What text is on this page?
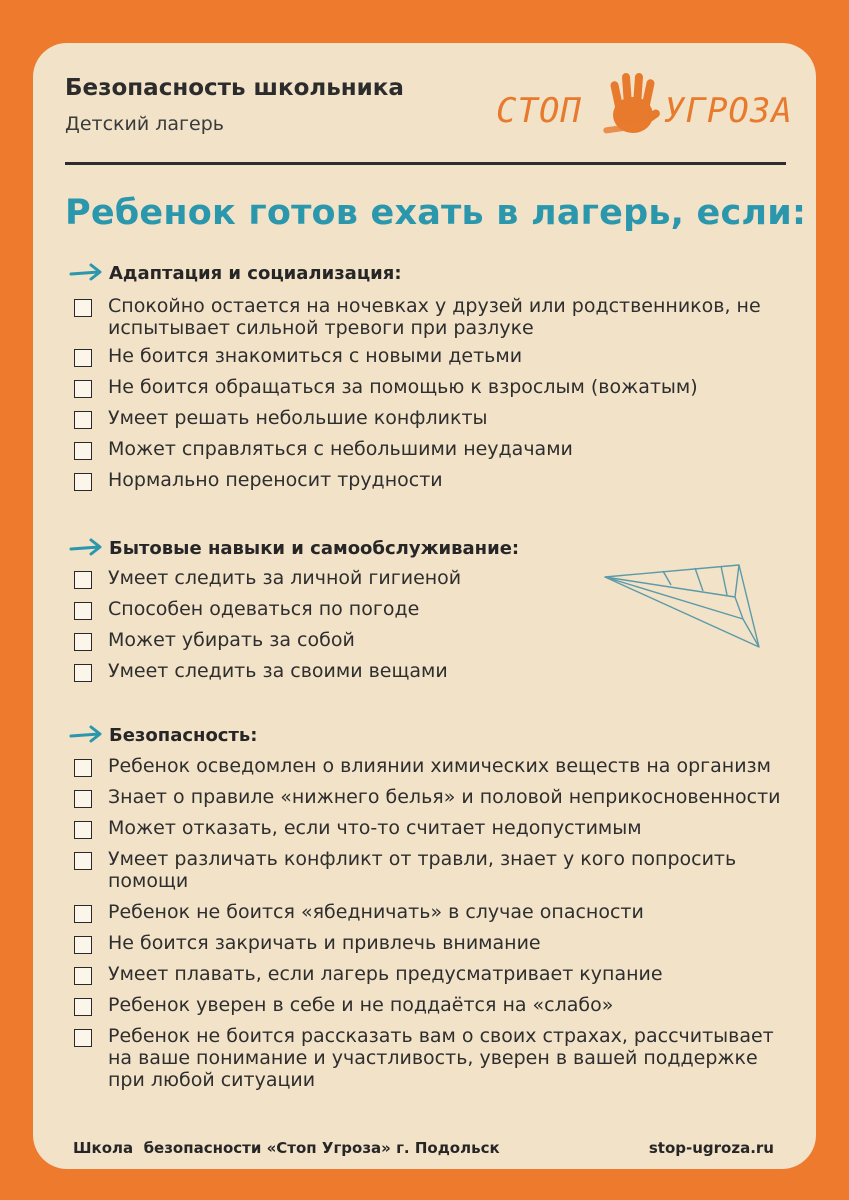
Безопасность школьника
Детский лагерь	СТОП УГРОЗА
Ребенок готов ехать в лагерь, если:
Адаптация и социализация:
Спокойно остается на ночевках у друзей или родственников, не испытывает сильной тревоги при разлуке
Не боится знакомиться с новыми детьми
Не боится обращаться за помощью к взрослым (вожатым)
Умеет решать небольшие конфликты
Может справляться с небольшими неудачами
Нормально переносит трудности
Бытовые навыки и самообслуживание:
Умеет следить за личной гигиеной
Способен одеваться по погоде
Может убирать за собой
Умеет следить за своими вещами
Безопасность:
Ребенок осведомлен о влиянии химических веществ на организм
Знает о правиле «нижнего белья» и половой неприкосновенности
Может отказать, если что-то считает недопустимым
Умеет различать конфликт от травли, знает у кого попросить помощи
Ребенок не боится «ябедничать» в случае опасности
Не боится закричать и привлечь внимание
Умеет плавать, если лагерь предусматривает купание
Ребенок уверен в себе и не поддаётся на «слабо»
Ребенок не боится рассказать вам о своих страхах, рассчитывает на ваше понимание и участливость, уверен в вашей поддержке при любой ситуации
Школа  безопасности «Стоп Угроза» г. Подольск	stop-ugroza.ru
